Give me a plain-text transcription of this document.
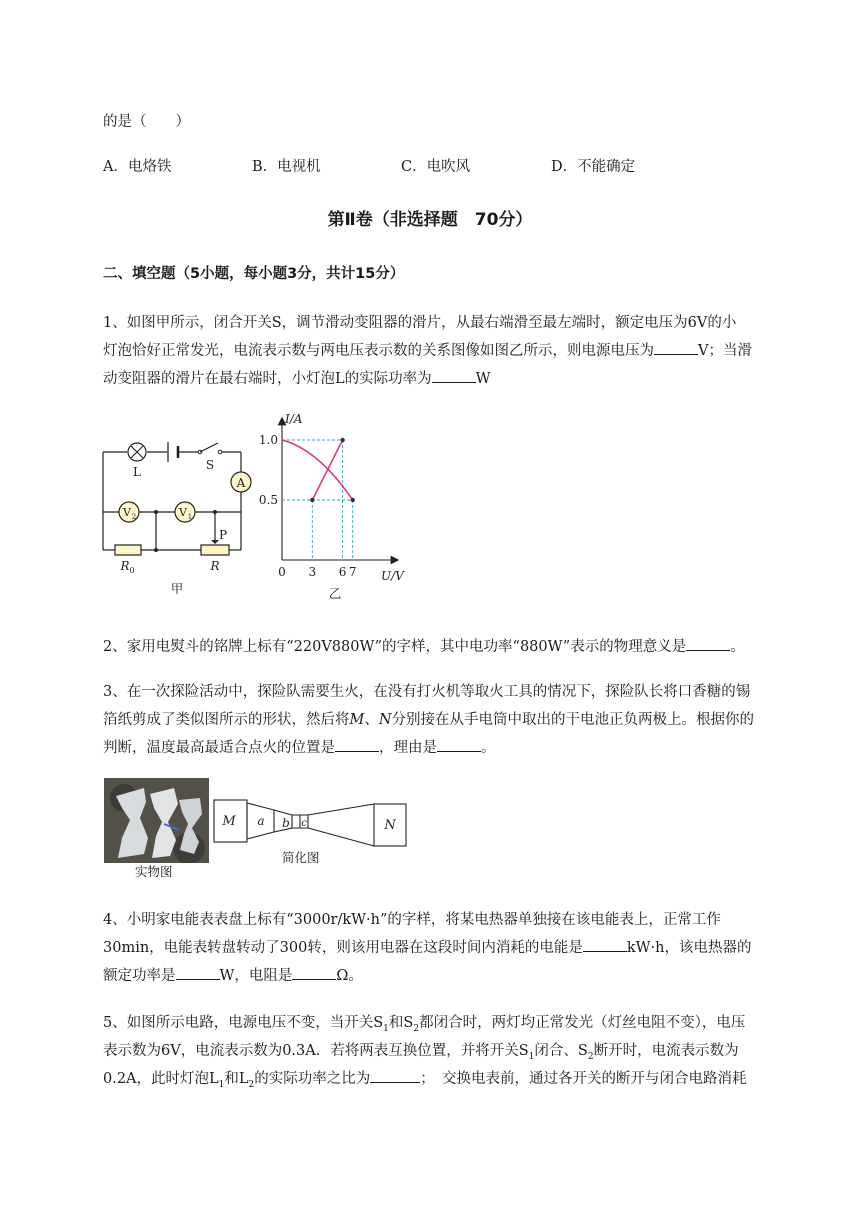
的是（　　）
A．电烙铁	B．电视机	C．电吹风	D．不能确定
第Ⅱ卷（非选择题　70分）
二、填空题（5小题，每小题3分，共计15分）
1、如图甲所示，闭合开关S，调节滑动变阻器的滑片，从最右端滑至最左端时，额定电压为6V的小
灯泡恰好正常发光，电流表示数与两电压表示数的关系图像如图乙所示，则电源电压为	V；当滑
动变阻器的滑片在最右端时，小灯泡L的实际功率为	W
A
V 2	V 1
L	S
P
R 0	R
甲
1.0
0.5
3 6 7
I/A
U/V
0
乙
2、家用电熨斗的铭牌上标有“220V880W”的字样，其中电功率“880W”表示的物理意义是	。
3、在一次探险活动中，探险队需要生火，在没有打火机等取火工具的情况下，探险队长将口香糖的锡
箔纸剪成了类似图所示的形状，然后将M、N分别接在从手电筒中取出的干电池正负两极上。根据你的
判断，温度最高最适合点火的位置是	，理由是	。
实物图
M a b c	N
简化图
4、小明家电能表表盘上标有“3000r/kW·h”的字样，将某电热器单独接在该电能表上，正常工作
30min，电能表转盘转动了300转，则该用电器在这段时间内消耗的电能是	kW·h，该电热器的
额定功率是	W，电阻是	Ω。
5、如图所示电路，电源电压不变，当开关$S_1$和$S_2$都闭合时，两灯均正常发光（灯丝电阻不变），电压
表示数为6V，电流表示数为0.3A．若将两表互换位置，并将开关$S_1$闭合、$S_2$断开时，电流表示数为
0.2A，此时灯泡$L_1$和$L_2$的实际功率之比为	；　交换电表前，通过各开关的断开与闭合电路消耗
